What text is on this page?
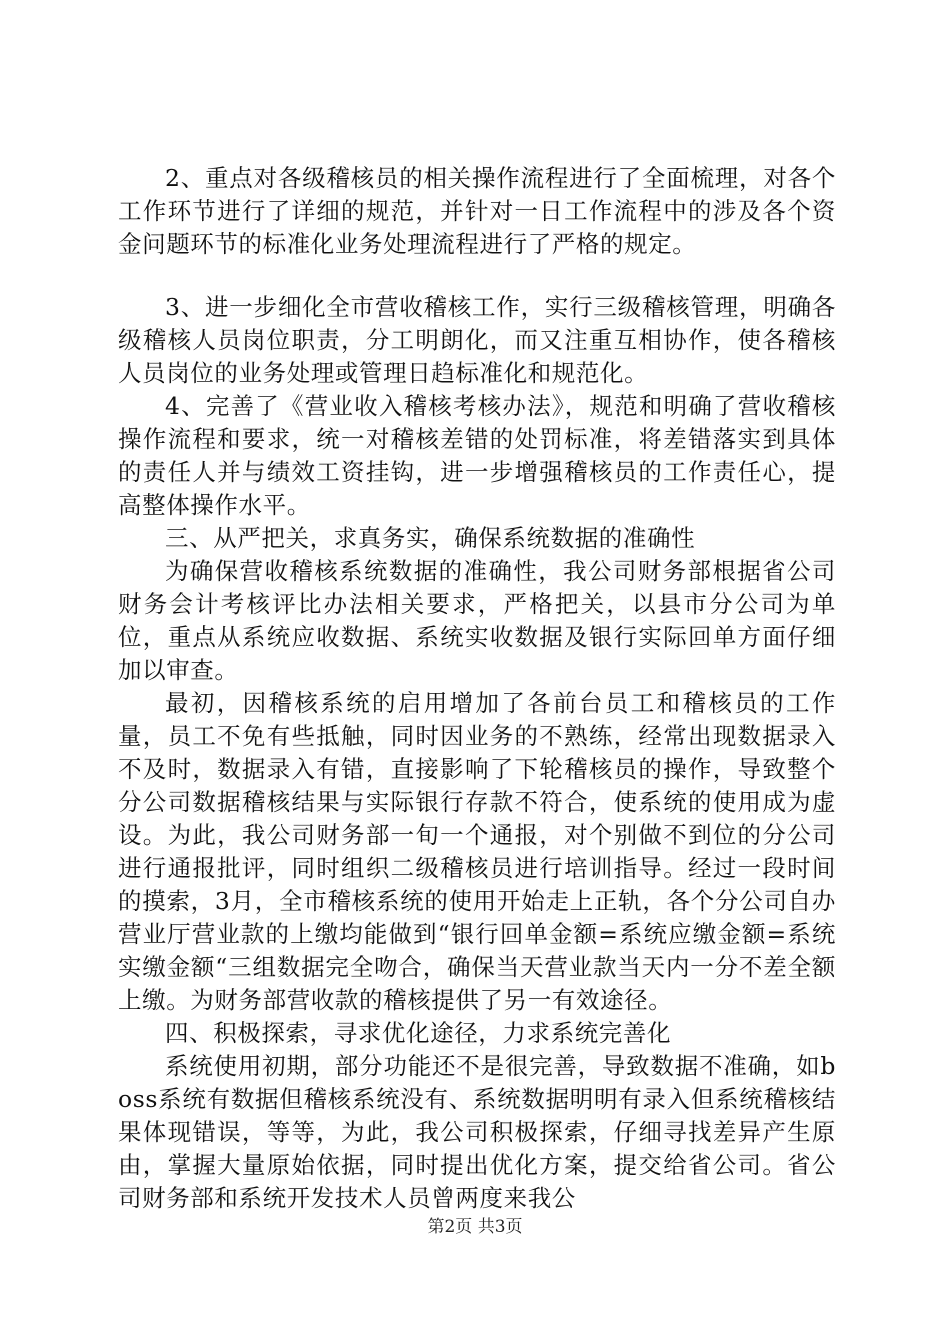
2、重点对各级稽核员的相关操作流程进行了全面梳理，对各个工作环节进行了详细的规范，并针对一日工作流程中的涉及各个资金问题环节的标准化业务处理流程进行了严格的规定。

3、进一步细化全市营收稽核工作，实行三级稽核管理，明确各级稽核人员岗位职责，分工明朗化，而又注重互相协作，使各稽核人员岗位的业务处理或管理日趋标准化和规范化。

4、完善了《营业收入稽核考核办法》，规范和明确了营收稽核操作流程和要求，统一对稽核差错的处罚标准，将差错落实到具体的责任人并与绩效工资挂钩，进一步增强稽核员的工作责任心，提高整体操作水平。

三、从严把关，求真务实，确保系统数据的准确性

为确保营收稽核系统数据的准确性，我公司财务部根据省公司财务会计考核评比办法相关要求，严格把关，以县市分公司为单位，重点从系统应收数据、系统实收数据及银行实际回单方面仔细加以审查。

最初，因稽核系统的启用增加了各前台员工和稽核员的工作量，员工不免有些抵触，同时因业务的不熟练，经常出现数据录入不及时，数据录入有错，直接影响了下轮稽核员的操作，导致整个分公司数据稽核结果与实际银行存款不符合，使系统的使用成为虚设。为此，我公司财务部一旬一个通报，对个别做不到位的分公司进行通报批评，同时组织二级稽核员进行培训指导。经过一段时间的摸索，3月，全市稽核系统的使用开始走上正轨，各个分公司自办营业厅营业款的上缴均能做到“银行回单金额=系统应缴金额=系统实缴金额“三组数据完全吻合，确保当天营业款当天内一分不差全额上缴。为财务部营收款的稽核提供了另一有效途径。

四、积极探索，寻求优化途径，力求系统完善化

系统使用初期，部分功能还不是很完善，导致数据不准确，如boss系统有数据但稽核系统没有、系统数据明明有录入但系统稽核结果体现错误，等等，为此，我公司积极探索，仔细寻找差异产生原由，掌握大量原始依据，同时提出优化方案，提交给省公司。省公司财务部和系统开发技术人员曾两度来我公

第2页 共3页
